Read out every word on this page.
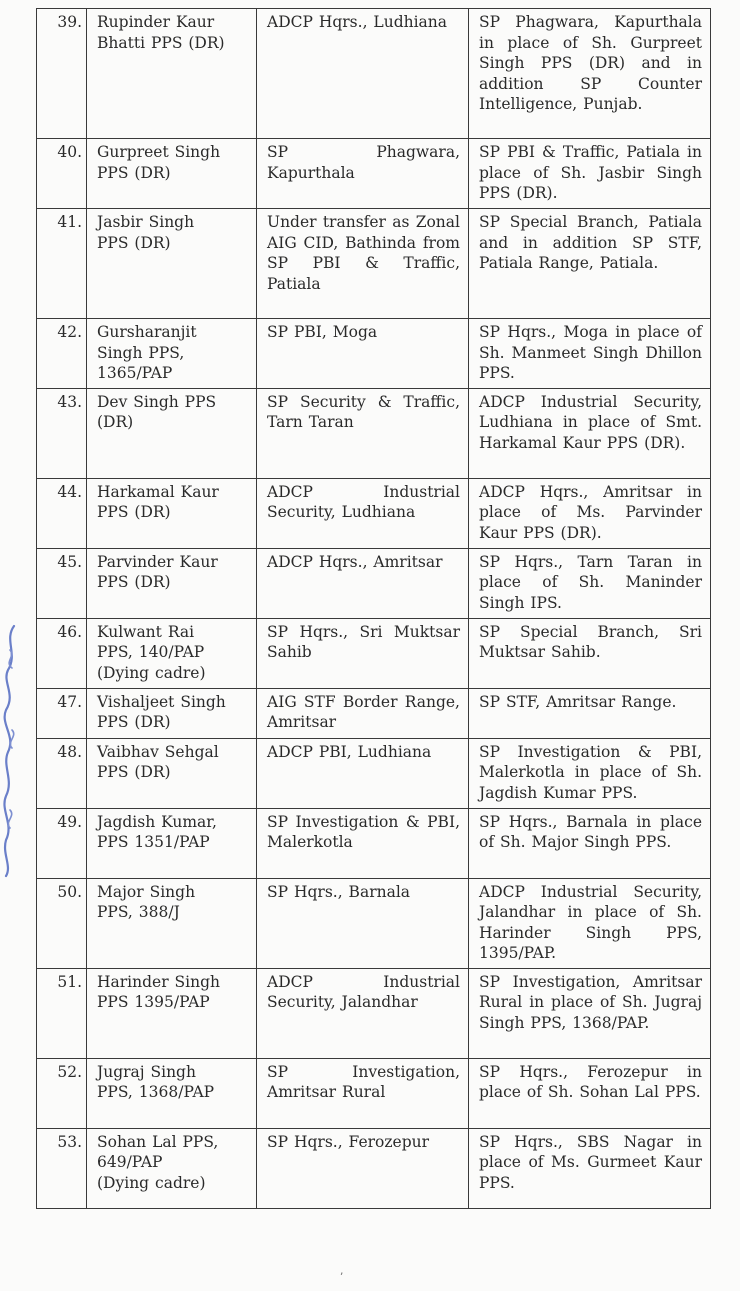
39.	Rupinder Kaur
Bhatti PPS (DR)	ADCP Hqrs., Ludhiana	SP Phagwara, Kapurthala in place of Sh. Gurpreet Singh PPS (DR) and in addition SP Counter Intelligence, Punjab.
40.	Gurpreet Singh
PPS (DR)	SP Phagwara, Kapurthala	SP PBI & Traffic, Patiala in place of Sh. Jasbir Singh PPS (DR).
41.	Jasbir Singh
PPS (DR)	Under transfer as Zonal AIG CID, Bathinda from SP PBI & Traffic, Patiala	SP Special Branch, Patiala and in addition SP STF, Patiala Range, Patiala.
42.	Gursharanjit
Singh PPS,
1365/PAP	SP PBI, Moga	SP Hqrs., Moga in place of Sh. Manmeet Singh Dhillon PPS.
43.	Dev Singh PPS
(DR)	SP Security & Traffic, Tarn Taran	ADCP Industrial Security, Ludhiana in place of Smt. Harkamal Kaur PPS (DR).
44.	Harkamal Kaur
PPS (DR)	ADCP Industrial Security, Ludhiana	ADCP Hqrs., Amritsar in place of Ms. Parvinder Kaur PPS (DR).
45.	Parvinder Kaur
PPS (DR)	ADCP Hqrs., Amritsar	SP Hqrs., Tarn Taran in place of Sh. Maninder Singh IPS.
46.	Kulwant Rai
PPS, 140/PAP
(Dying cadre)	SP Hqrs., Sri Muktsar Sahib	SP Special Branch, Sri Muktsar Sahib.
47.	Vishaljeet Singh
PPS (DR)	AIG STF Border Range, Amritsar	SP STF, Amritsar Range.
48.	Vaibhav Sehgal
PPS (DR)	ADCP PBI, Ludhiana	SP Investigation & PBI, Malerkotla in place of Sh. Jagdish Kumar PPS.
49.	Jagdish Kumar,
PPS 1351/PAP	SP Investigation & PBI, Malerkotla	SP Hqrs., Barnala in place of Sh. Major Singh PPS.
50.	Major Singh
PPS, 388/J	SP Hqrs., Barnala	ADCP Industrial Security, Jalandhar in place of Sh. Harinder Singh PPS, 1395/PAP.
51.	Harinder Singh
PPS 1395/PAP	ADCP Industrial Security, Jalandhar	SP Investigation, Amritsar Rural in place of Sh. Jugraj Singh PPS, 1368/PAP.
52.	Jugraj Singh
PPS, 1368/PAP	SP Investigation, Amritsar Rural	SP Hqrs., Ferozepur in place of Sh. Sohan Lal PPS.
53.	Sohan Lal PPS,
649/PAP
(Dying cadre)	SP Hqrs., Ferozepur	SP Hqrs., SBS Nagar in place of Ms. Gurmeet Kaur PPS.
’
